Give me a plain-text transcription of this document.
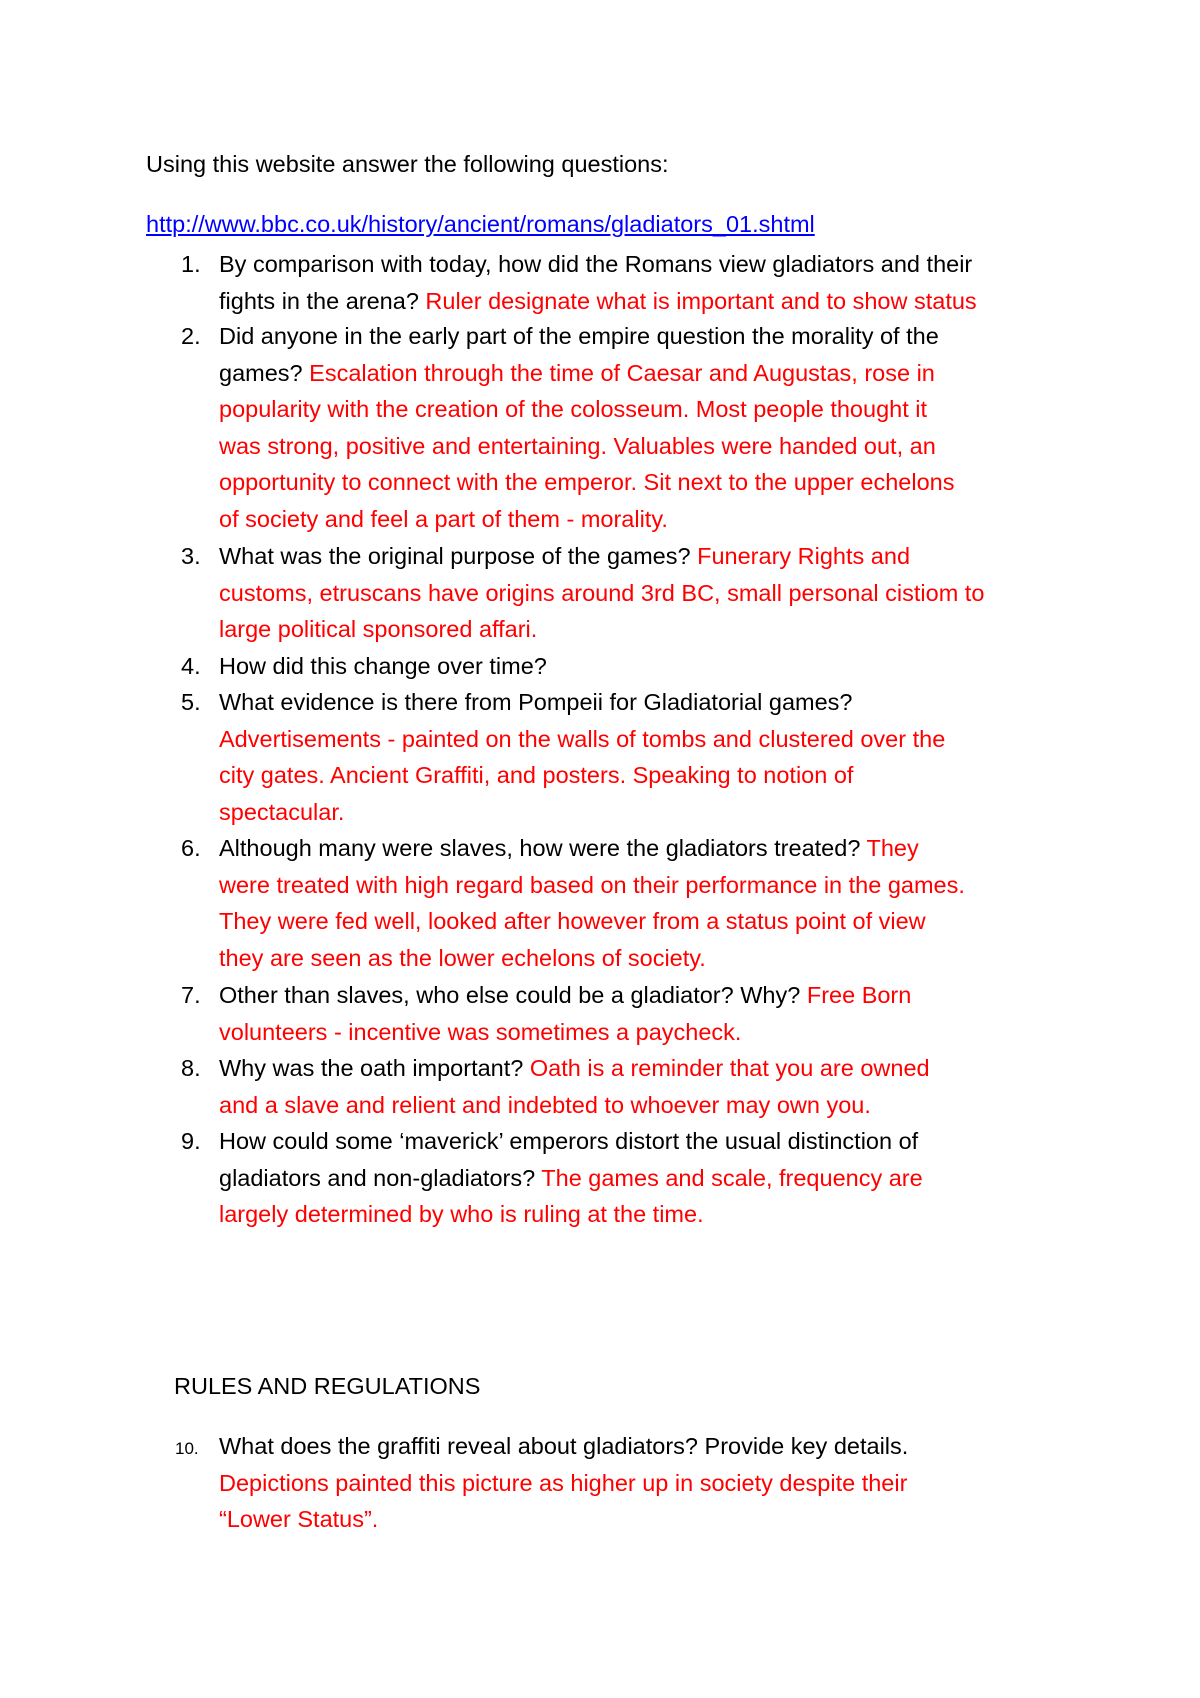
Using this website answer the following questions:
http://www.bbc.co.uk/history/ancient/romans/gladiators_01.shtml
1. By comparison with today, how did the Romans view gladiators and their
fights in the arena? Ruler designate what is important and to show status
2. Did anyone in the early part of the empire question the morality of the
games? Escalation through the time of Caesar and Augustas, rose in
popularity with the creation of the colosseum. Most people thought it
was strong, positive and entertaining. Valuables were handed out, an
opportunity to connect with the emperor. Sit next to the upper echelons
of society and feel a part of them - morality.
3. What was the original purpose of the games? Funerary Rights and
customs, etruscans have origins around 3rd BC, small personal cistiom to
large political sponsored affari.
4. How did this change over time?
5. What evidence is there from Pompeii for Gladiatorial games?
Advertisements - painted on the walls of tombs and clustered over the
city gates. Ancient Graffiti, and posters. Speaking to notion of
spectacular.
6. Although many were slaves, how were the gladiators treated? They
were treated with high regard based on their performance in the games.
They were fed well, looked after however from a status point of view
they are seen as the lower echelons of society.
7. Other than slaves, who else could be a gladiator? Why? Free Born
volunteers - incentive was sometimes a paycheck.
8. Why was the oath important? Oath is a reminder that you are owned
and a slave and relient and indebted to whoever may own you.
9. How could some ‘maverick’ emperors distort the usual distinction of
gladiators and non-gladiators? The games and scale, frequency are
largely determined by who is ruling at the time.
10. What does the graffiti reveal about gladiators? Provide key details.
Depictions painted this picture as higher up in society despite their
“Lower Status”.
RULES AND REGULATIONS
